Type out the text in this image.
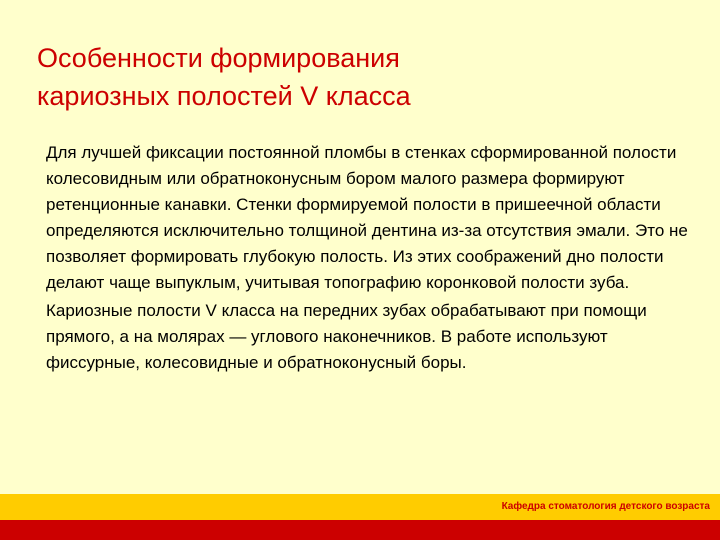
Особенности формирования
кариозных полостей V класса

Для лучшей фиксации постоянной пломбы в стенках сформированной полости колесовидным или обратноконусным бором малого размера формируют ретенционные канавки. Стенки формируемой полости в пришеечной области определяются исключительно толщиной дентина из-за отсутствия эмали. Это не позволяет формировать глубокую полость. Из этих соображений дно полости делают чаще выпуклым, учитывая топографию коронковой полости зуба.

Кариозные полости V класса на передних зубах обрабатывают при помощи прямого, а на молярах — углового наконечников. В работе используют фиссурные, колесовидные и обратноконусный боры.

Кафедра стоматология детского возраста
